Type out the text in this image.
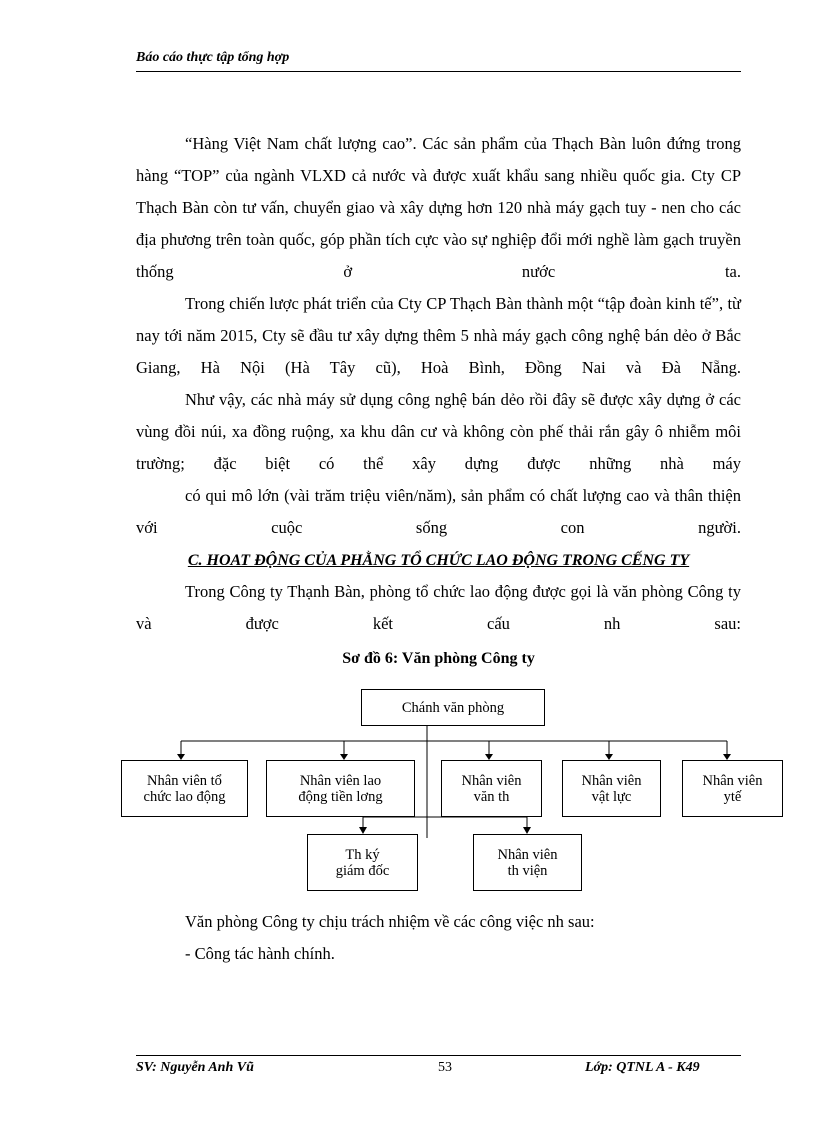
Báo cáo thực tập tổng hợp
“Hàng Việt Nam chất lượng cao”. Các sản phẩm của Thạch Bàn luôn đứng trong hàng “TOP” của ngành VLXD cả nước và được xuất khẩu sang nhiều quốc gia. Cty CP Thạch Bàn còn tư vấn, chuyển giao và xây dựng hơn 120 nhà máy gạch tuy - nen cho các địa phương trên toàn quốc, góp phần tích cực vào sự nghiệp đổi mới nghề làm gạch truyền thống ở nước ta.
Trong chiến lược phát triển của Cty CP Thạch Bàn thành một “tập đoàn kinh tế”, từ nay tới năm 2015, Cty sẽ đầu tư xây dựng thêm 5 nhà máy gạch công nghệ bán dẻo ở Bắc Giang, Hà Nội (Hà Tây cũ), Hoà Bình, Đồng Nai và Đà Nẵng.
Như vậy, các nhà máy sử dụng công nghệ bán dẻo rồi đây sẽ được xây dựng ở các vùng đồi núi, xa đồng ruộng, xa khu dân cư và không còn phế thải rắn gây ô nhiễm môi trường; đặc biệt có thể xây dựng được những nhà máy
có qui mô lớn (vài trăm triệu viên/năm), sản phẩm có chất lượng cao và thân thiện với cuộc sống con người.
C. HOAT ĐỘNG CỦA PHẰNG TỔ CHỨC LAO ĐỘNG TRONG CẾNG TY
Trong Công ty Thạnh Bàn, phòng tổ chức lao động được gọi là văn phòng Công ty và được kết cấu nh sau:
Sơ đồ 6: Văn phòng Công ty
Chánh văn phòng
Nhân viên tổ
chức lao động
Nhân viên lao
động tiền lơng
Nhân viên
văn th
Nhân viên
vật lực
Nhân viên
ytế
Th ký
giám đốc
Nhân viên
th viện
Văn phòng Công ty chịu trách nhiệm về các công việc nh sau:
- Công tác hành chính.
SV: Nguyễn Anh Vũ	53	Lớp: QTNL A - K49
